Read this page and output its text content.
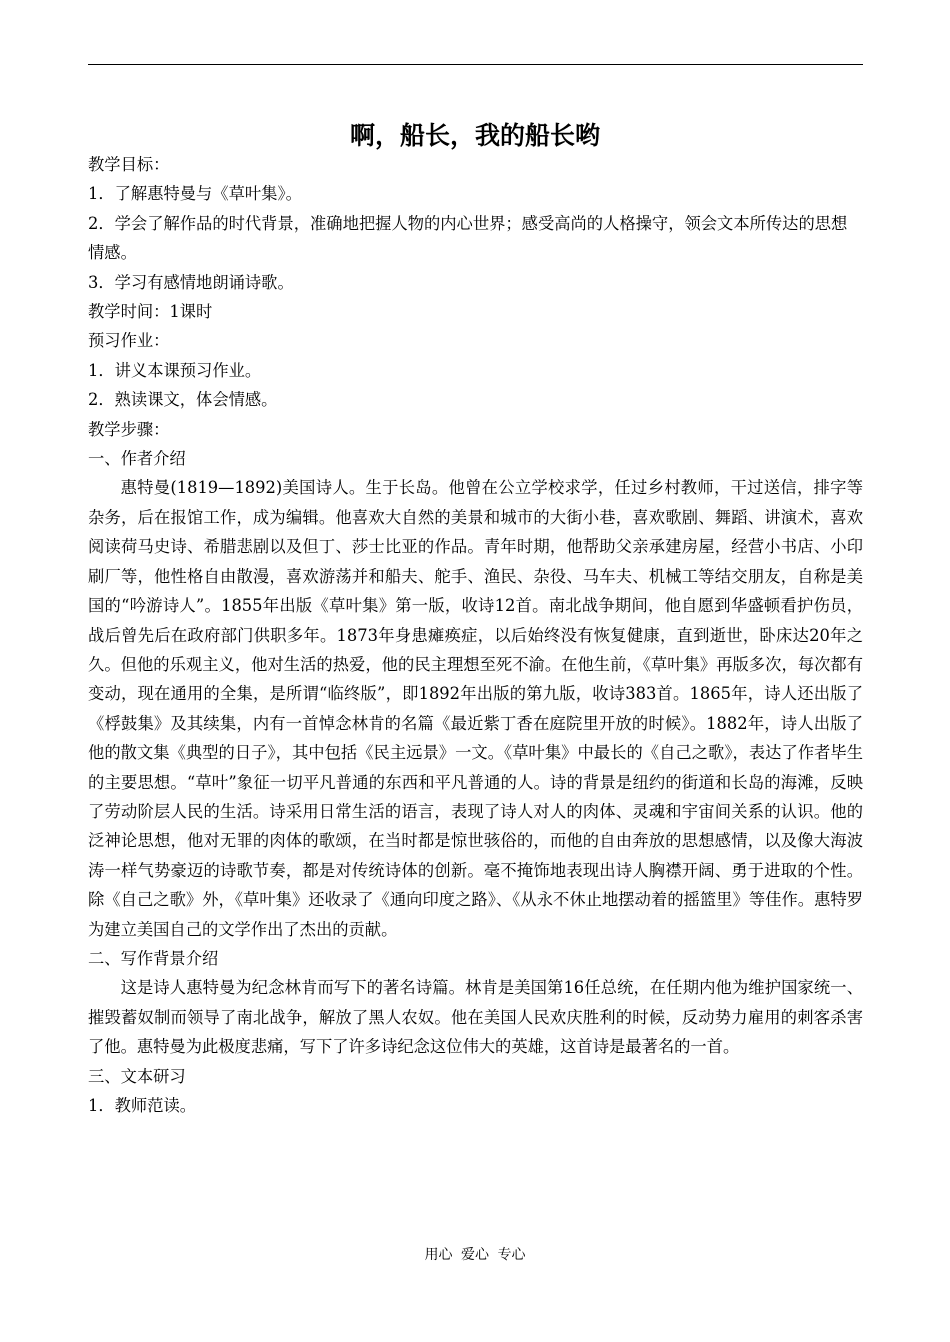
啊，船长，我的船长哟

教学目标：

1．了解惠特曼与《草叶集》。

2．学会了解作品的时代背景，准确地把握人物的内心世界；感受高尚的人格操守，领会文本所传达的思想情感。

3．学习有感情地朗诵诗歌。

教学时间：1课时

预习作业：

1．讲义本课预习作业。

2．熟读课文，体会情感。

教学步骤：

一、作者介绍

惠特曼(1819—1892)美国诗人。生于长岛。他曾在公立学校求学，任过乡村教师，干过送信，排字等杂务，后在报馆工作，成为编辑。他喜欢大自然的美景和城市的大街小巷，喜欢歌剧、舞蹈、讲演术，喜欢阅读荷马史诗、希腊悲剧以及但丁、莎士比亚的作品。青年时期，他帮助父亲承建房屋，经营小书店、小印刷厂等，他性格自由散漫，喜欢游荡并和船夫、舵手、渔民、杂役、马车夫、机械工等结交朋友，自称是美国的“吟游诗人”。1855年出版《草叶集》第一版，收诗12首。南北战争期间，他自愿到华盛顿看护伤员，战后曾先后在政府部门供职多年。1873年身患瘫痪症，以后始终没有恢复健康，直到逝世，卧床达20年之久。但他的乐观主义，他对生活的热爱，他的民主理想至死不渝。在他生前，《草叶集》再版多次，每次都有变动，现在通用的全集，是所谓“临终版”，即1892年出版的第九版，收诗383首。1865年，诗人还出版了《桴鼓集》及其续集，内有一首悼念林肯的名篇《最近紫丁香在庭院里开放的时候》。1882年，诗人出版了他的散文集《典型的日子》，其中包括《民主远景》一文。《草叶集》中最长的《自己之歌》，表达了作者毕生的主要思想。“草叶”象征一切平凡普通的东西和平凡普通的人。诗的背景是纽约的街道和长岛的海滩，反映了劳动阶层人民的生活。诗采用日常生活的语言，表现了诗人对人的肉体、灵魂和宇宙间关系的认识。他的泛神论思想，他对无罪的肉体的歌颂，在当时都是惊世骇俗的，而他的自由奔放的思想感情，以及像大海波涛一样气势豪迈的诗歌节奏，都是对传统诗体的创新。毫不掩饰地表现出诗人胸襟开阔、勇于进取的个性。除《自己之歌》外，《草叶集》还收录了《通向印度之路》、《从永不休止地摆动着的摇篮里》等佳作。惠特罗为建立美国自己的文学作出了杰出的贡献。

二、写作背景介绍

这是诗人惠特曼为纪念林肯而写下的著名诗篇。林肯是美国第16任总统，在任期内他为维护国家统一、摧毁蓄奴制而领导了南北战争，解放了黑人农奴。他在美国人民欢庆胜利的时候，反动势力雇用的刺客杀害了他。惠特曼为此极度悲痛，写下了许多诗纪念这位伟大的英雄，这首诗是最著名的一首。

三、文本研习

1．教师范读。

用心 爱心 专心
